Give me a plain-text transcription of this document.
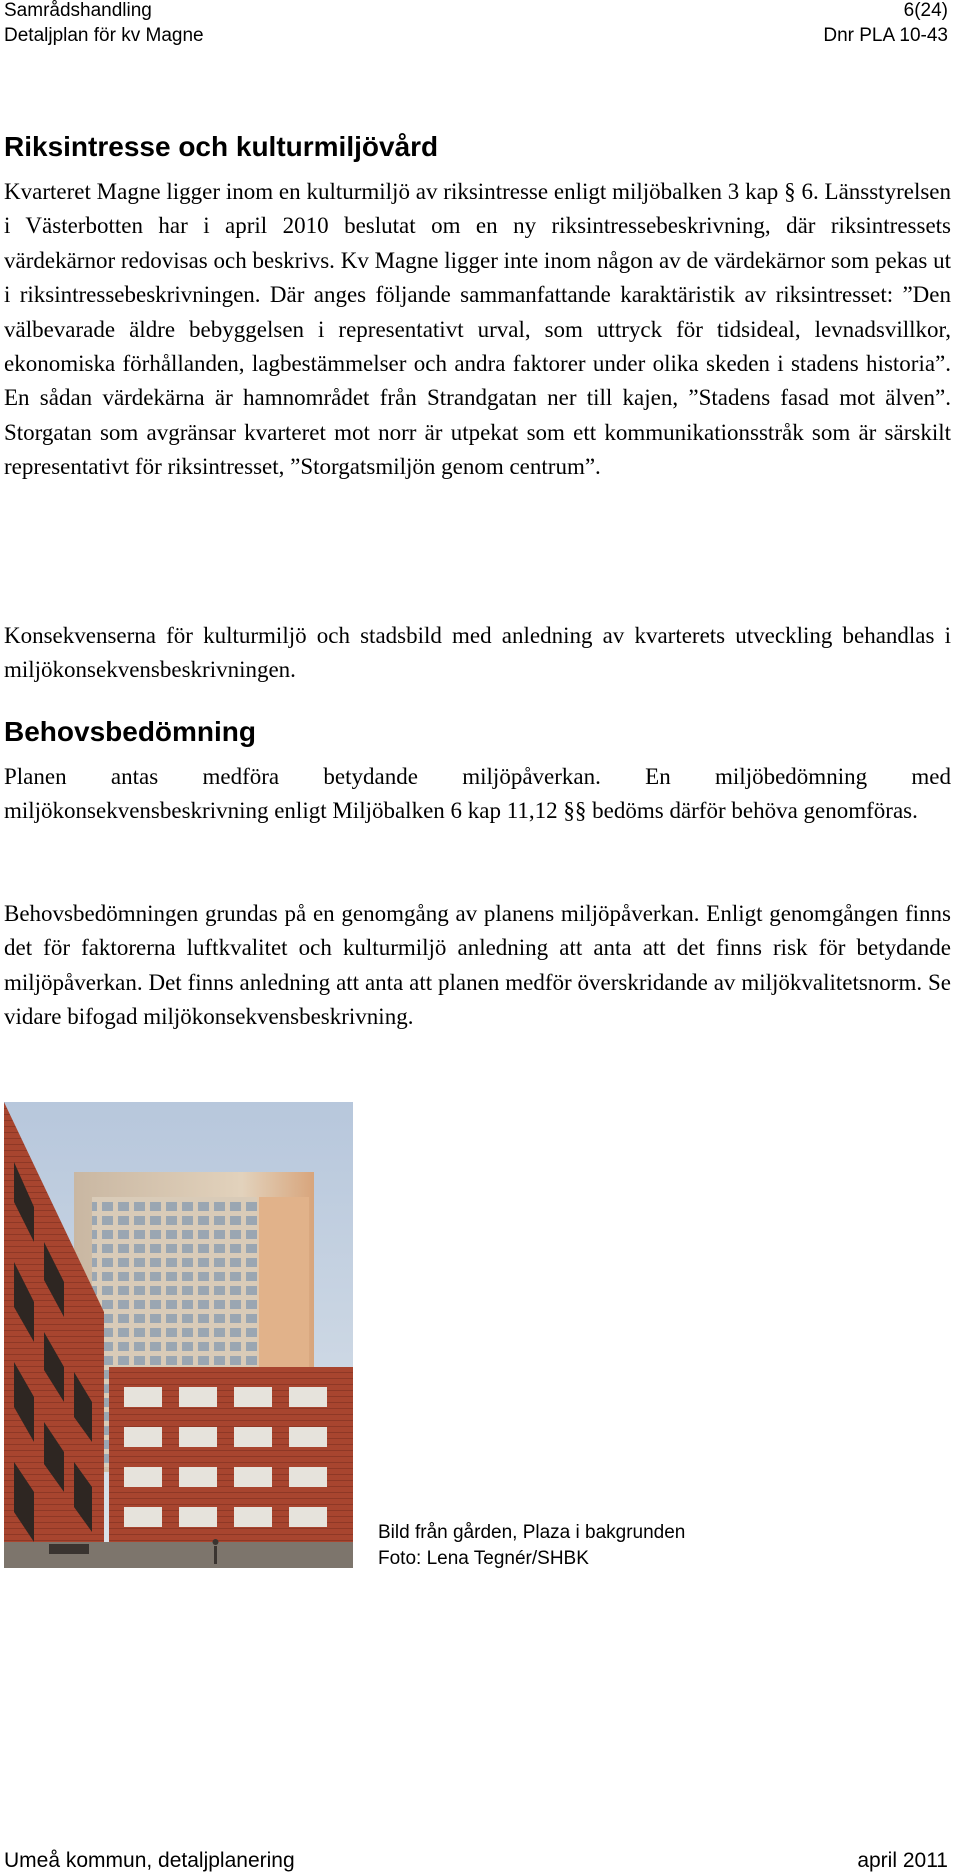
Samrådshandling	6(24)
Detaljplan för kv Magne	Dnr PLA 10-43
Riksintresse och kulturmiljövård

Kvarteret Magne ligger inom en kulturmiljö av riksintresse enligt miljöbalken 3 kap § 6. Länsstyrelsen i Västerbotten har i april 2010 beslutat om en ny riksintressebeskrivning, där riksintressets värdekärnor redovisas och beskrivs. Kv Magne ligger inte inom någon av de värdekärnor som pekas ut i riksintressebeskrivningen. Där anges följande sammanfattande karaktäristik av riksintresset: ”Den välbevarade äldre bebyggelsen i representativt urval, som uttryck för tidsideal, levnadsvillkor, ekonomiska förhållanden, lagbestämmelser och andra faktorer under olika skeden i stadens historia”. En sådan värdekärna är hamnområdet från Strandgatan ner till kajen, ”Stadens fasad mot älven”. Storgatan som avgränsar kvarteret mot norr är utpekat som ett kommunikationsstråk som är särskilt representativt för riksintresset, ”Storgatsmiljön genom centrum”.

Konsekvenserna för kulturmiljö och stadsbild med anledning av kvarterets utveckling behandlas i miljökonsekvensbeskrivningen.

Behovsbedömning

Planen antas medföra betydande miljöpåverkan. En miljöbedömning med miljökonsekvensbeskrivning enligt Miljöbalken 6 kap 11,12 §§ bedöms därför behöva genomföras.

Behovsbedömningen grundas på en genomgång av planens miljöpåverkan. Enligt genomgången finns det för faktorerna luftkvalitet och kulturmiljö anledning att anta att det finns risk för betydande miljöpåverkan. Det finns anledning att anta att planen medför överskridande av miljökvalitetsnorm. Se vidare bifogad miljökonsekvensbeskrivning.

Bild från gården, Plaza i bakgrunden
Foto: Lena Tegnér/SHBK
Umeå kommun, detaljplanering	april 2011
